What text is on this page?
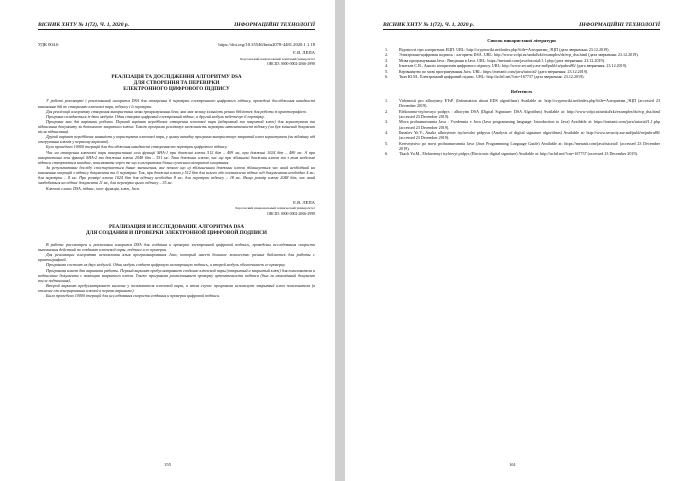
ВІСНИК ХНТУ № 1(72), Ч. 1, 2020 р.	ІНФОРМАЦІЙНІ ТЕХНОЛОГІЇ
УДК 004.6	https://doi.org/10.35546/kntu2078-4481.2020.1.1.18
Є.В. ЛЕПА
Херсонський національний технічний університет
ORCID: 0000-0002-2066-2998
РЕАЛІЗАЦІЯ ТА ДОСЛІДЖЕННЯ АЛГОРИТМУ DSA
ДЛЯ СТВОРЕННЯ ТА ПЕРЕВІРКИ
ЕЛЕКТРОННОГО ЦИФРОВОГО ПІДПИСУ

У роботі розглянуті і реалізований алгоритм DSA для створення й перевірки електронного цифрового підпису, проведені дослідження швидкості виконання дій по створенню ключової пари, підпису і її перевірки.

Для реалізації алгоритму створення використана мова програмування Java, яка має велику кількість різних бібліотек для роботи із криптографією.

Програма складається із двох модулів. Один створює цифровий електронний підпис, а другий модуль забезпечує її перевірку.

Програма має дві варіанти роботи. Перший варіант передбачає створення ключової пари (відкритий та закритий ключ) для користувача та підписання документу за допомогою закритого ключа. Також програма реалізовує можливість перевірки автентичності підпису (чи був змінений документ після підписання).

Другий варіант передбачає наявність у користувача ключової пари, у цьому випадку програма використовує закритий ключ користувача (чи відмінну від генерування ключів у першому варіанті).

Було проведено 10000 ітерацій для дослідження швидкості створення та перевірки цифрового підпису.

Час на створення ключової пари використанні хеш функції SHA-1 при довжині ключа 512 біт – 409 мс, при довжині 1024 біт – 480 мс. А при використанні хеш функції SHA-2 та довжина ключа 2048 біт – 351 мс. Така довжина ключа, час ще при збільшені довжини ключа та з тим модельні підписи створюється швидше, пояснювати через те що в алгоритмах більш сучасним алгоритмі хешування.

За результатами досліду спостерігається дивне зменшення, яке почало що ці збільшенням довжини ключа збільшується час який необхідний на виконання операцій з підпису документа та її перевірки. Так, при довжині ключа у 512 біт для всього обо поставлено підпис під документом необхідно 4 мс, для перевірки – 8 мс. При розмірі ключа 1024 біт для підпису необхідно 8 мс, для перевірки підпису – 18 мс. Якщо розмір ключа 2048 біт, час який знадобиться на підпис документа 11 мс, для перевірки цього підпису – 35 мс.

Ключові слова: DSA, підпис, хеш- функція, ключ, Java.
Е.В. ЛЕПА
Херсонский национальный технический университет
ORCID: 0000-0002-2066-2998
РЕАЛИЗАЦИЯ И ИССЛЕДОВАНИЕ АЛГОРИТМА DSA
ДЛЯ СОЗДАНИЯ И ПРОВЕРКИ ЭЛЕКТРОННОЙ ЦИФРОВОЙ ПОДПИСИ

В работе рассмотрен и реализован алгоритм DSA для создания и проверки электронной цифровой подписи, проведены исследования скорости выполнения действий по созданию ключевой пары, подписи и ее проверки.

Для реализации алгоритма использован язык программирования Java, который имеет большое количество разных библиотек для работы с криптографией.

Программа состоит из двух модулей. Один модуль создает цифровую электронную подпись, а второй модуль обеспечивает ее проверку.

Программа имеет два варианта работы. Первый вариант предусматривает создание ключевой пары (открытый и закрытый ключ) для пользователя и подписание документа с помощью закрытого ключа. Также программа реализовывает проверку аутентичности подписи (был ли изменённый документ после подписания).

Второй вариант предусматривает наличие у пользователя ключевой пары, в этом случае программа использует закрытый ключ пользователя (в отличие от генерирования ключей в первом варианте).

Было проведено 10000 ітерацій для исследования скорости создания и проверки цифровой подписи.

155
ВІСНИК ХНТУ № 1(72), Ч. 1, 2020 р.	ІНФОРМАЦІЙНІ ТЕХНОЛОГІЇ
Список використаної літератури
1.	Відомості про алгоритмах ЕЦП. URL: http://cryptowiki.net/index.php?title=Алгоритми_ЭЦП (дата звернення: 23.12.2019).
2.	Электронно-цифровая подпись : алгоритм DSA. URL: http://www.volpi.ru/umkd/zki/examples/ds/ecp_dsa.html (дата звернення: 23.12.2019).
3.	Мова програмування Java : Введення в Java. URL: https://metanit.com/java/tutorial/1.1.php (дата звернення: 23.12.2019).
4.	Ігнатьєв С.В., Аналіз алгоритмів цифрового підпису. URL: http://www.security.ase.md/publ/ru/pubru86/ (дата звернення: 23.12.2019).
5.	Керівництво по мові програмування Java. URL: https://metanit.com/java/tutorial/ (дата звернення: 23.12.2019).
6.	Ткач Ю.М., Електронний цифровий підпис. URL: http://uchil.net/?cm=167737 (дата звернення: 23.12.2019).
References
1.	Vidomosti pro alhorytmy ETsP. (Information about EDS algorithms) Available at: http://cryptowiki.net/index.php?title=Алгоритми_ЭЦП (accessed 23 December 2019).
2.	Elektronno-tsyfrovaya podpys : alhorytm DSA (Digital Signature: DSA Algorithm) Available at: http://www.volpi.ru/umkd/zki/examples/ds/ecp_dsa.html (accessed 23 December 2019).
3.	Mova prohramuvannia Java : Vvedennia v Java (Java programming language: Introduction to Java) Available at: https://metanit.com/java/tutorial/1.1.php (accessed 23 December 2019).
4.	Ihnatiev Ye.V., Analiz alhorytmiv tsyfrovoho pidpysu (Analysis of digital signature algorithms) Available at: http://www.security.ase.md/publ/ru/pubru86/ (accessed 23 December 2019).
5.	Kerivnytstvo po movi prohramuvannia Java (Java Programming Language Guide) Available at: https://metanit.com/java/tutorial/ (accessed 23 December 2019).
6.	Tkach Yu.M., Elektronnyi tsyfrovyi pidpys (Electronic digital signature) Available at: http://uchil.net/?cm=167737 (accessed 23 December 2019).
161
